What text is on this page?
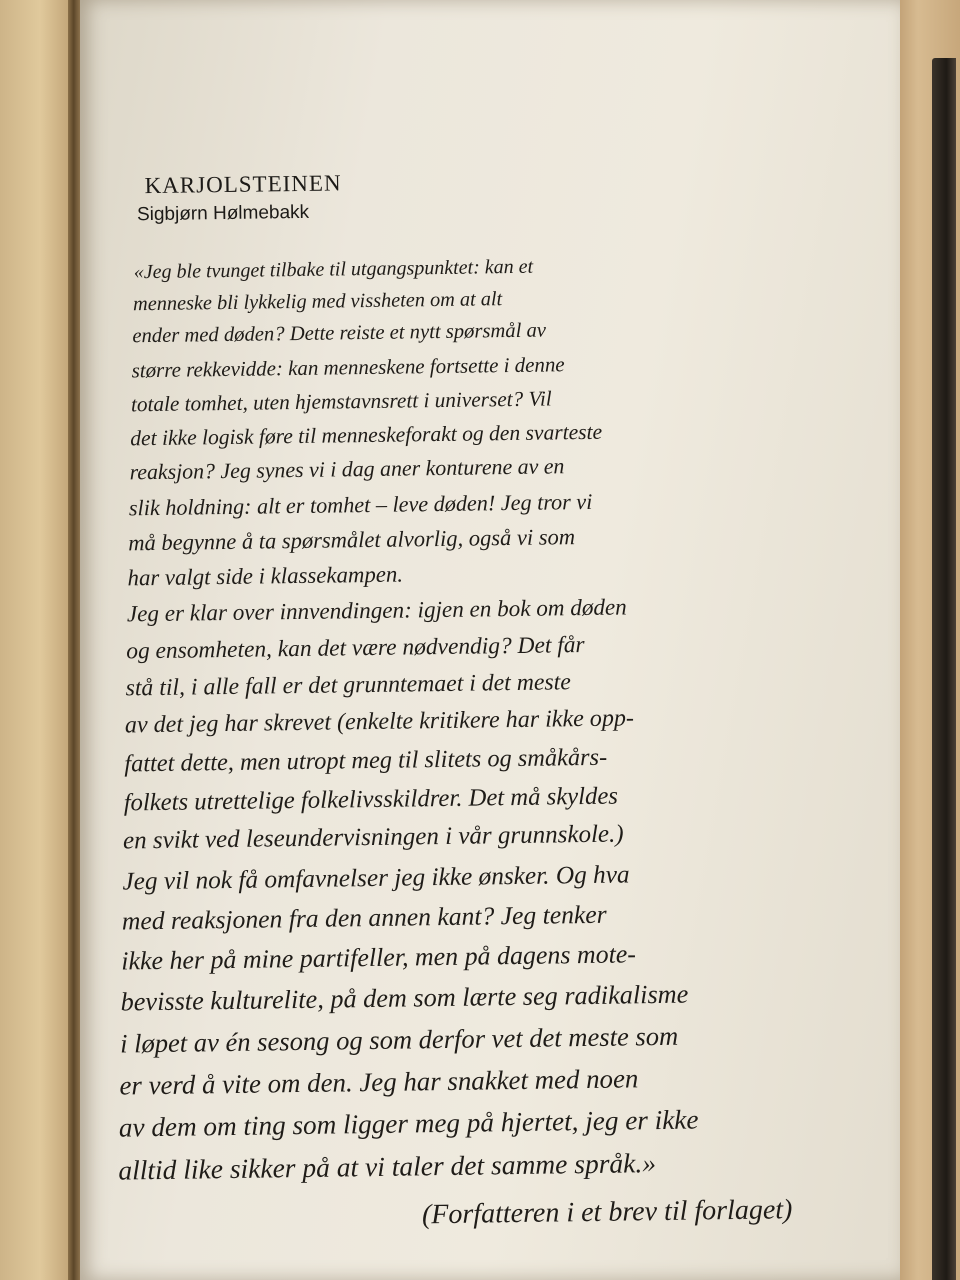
KARJOLSTEINEN
Sigbjørn Hølmebakk
«Jeg ble tvunget tilbake til utgangspunktet: kan et
menneske bli lykkelig med vissheten om at alt
ender med døden? Dette reiste et nytt spørsmål av
større rekkevidde: kan menneskene fortsette i denne
totale tomhet, uten hjemstavnsrett i universet? Vil
det ikke logisk føre til menneskeforakt og den svarteste
reaksjon? Jeg synes vi i dag aner konturene av en
slik holdning: alt er tomhet – leve døden! Jeg tror vi
må begynne å ta spørsmålet alvorlig, også vi som
har valgt side i klassekampen.
Jeg er klar over innvendingen: igjen en bok om døden
og ensomheten, kan det være nødvendig? Det får
stå til, i alle fall er det grunntemaet i det meste
av det jeg har skrevet (enkelte kritikere har ikke opp-
fattet dette, men utropt meg til slitets og småkårs-
folkets utrettelige folkelivsskildrer. Det må skyldes
en svikt ved leseundervisningen i vår grunnskole.)
Jeg vil nok få omfavnelser jeg ikke ønsker. Og hva
med reaksjonen fra den annen kant? Jeg tenker
ikke her på mine partifeller, men på dagens mote-
bevisste kulturelite, på dem som lærte seg radikalisme
i løpet av én sesong og som derfor vet det meste som
er verd å vite om den. Jeg har snakket med noen
av dem om ting som ligger meg på hjertet, jeg er ikke
alltid like sikker på at vi taler det samme språk.»
(Forfatteren i et brev til forlaget)
